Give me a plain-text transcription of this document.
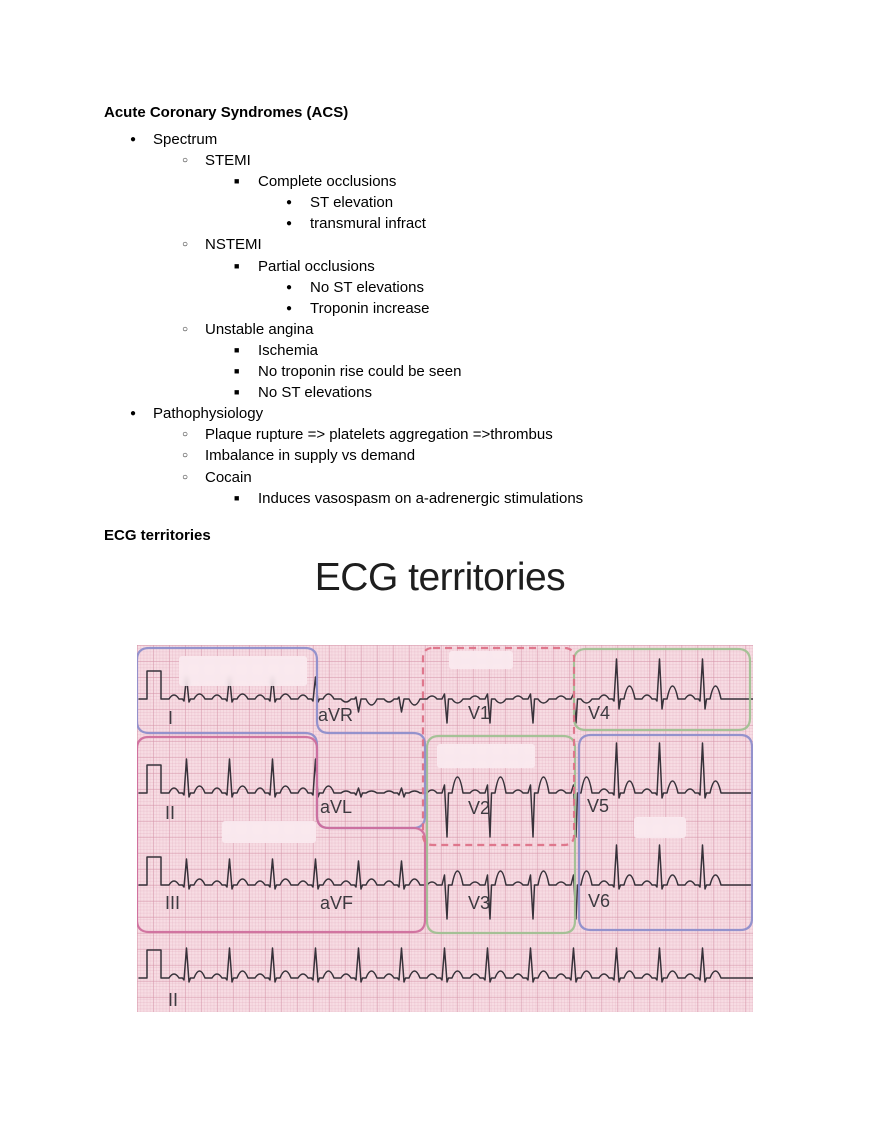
Acute Coronary Syndromes (ACS)
● Spectrum
○ STEMI
■ Complete occlusions
● ST elevation
● transmural infract
○ NSTEMI
■ Partial occlusions
● No ST elevations
● Troponin increase
○ Unstable angina
■ Ischemia
■ No troponin rise could be seen
■ No ST elevations
● Pathophysiology
○ Plaque rupture => platelets aggregation =>thrombus
○ Imbalance in supply vs demand
○ Cocain
■ Induces vasospasm on a-adrenergic stimulations
ECG territories
ECG territories
I	aVR	V1	V4
II	aVL	V2	V5
III	aVF	V3	V6
II
